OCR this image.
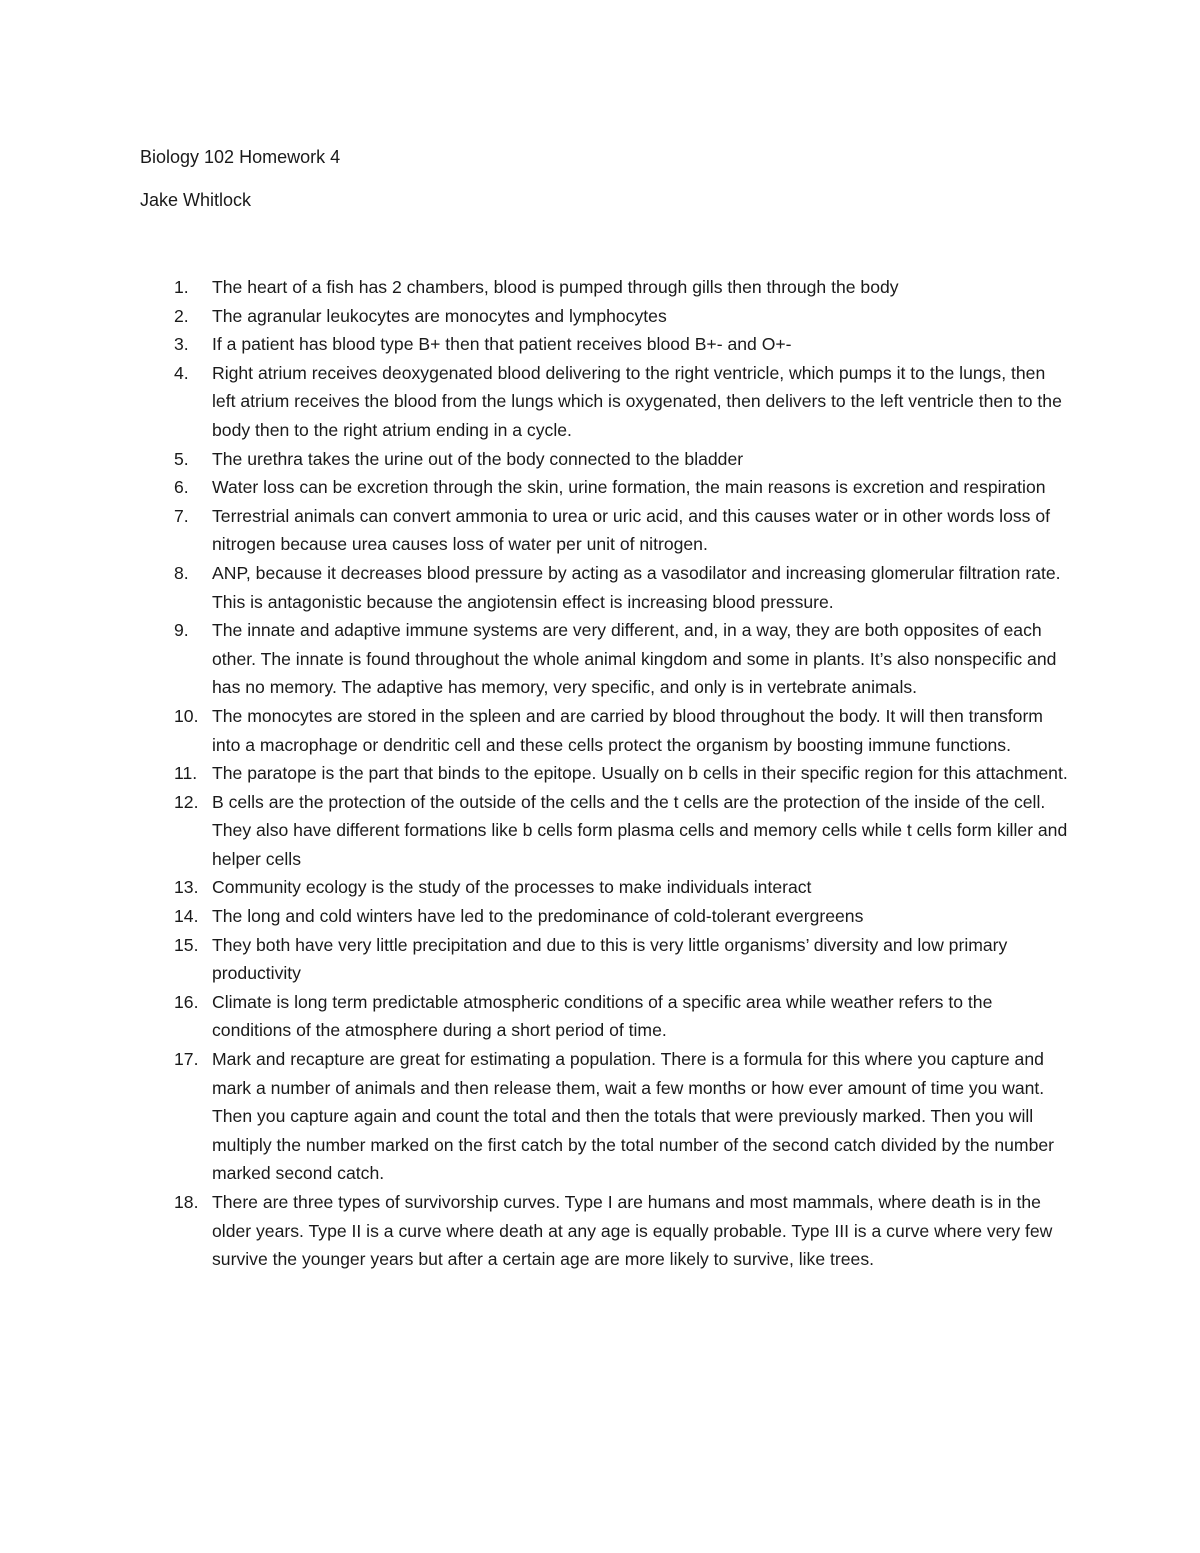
Biology 102 Homework 4

Jake Whitlock

1.	The heart of a fish has 2 chambers, blood is pumped through gills then through the body
2.	The agranular leukocytes are monocytes and lymphocytes
3.	If a patient has blood type B+ then that patient receives blood B+- and O+-
4.	Right atrium receives deoxygenated blood delivering to the right ventricle, which pumps it to the lungs, then left atrium receives the blood from the lungs which is oxygenated, then delivers to the left ventricle then to the body then to the right atrium ending in a cycle.
5.	The urethra takes the urine out of the body connected to the bladder
6.	Water loss can be excretion through the skin, urine formation, the main reasons is excretion and respiration
7.	Terrestrial animals can convert ammonia to urea or uric acid, and this causes water or in other words loss of nitrogen because urea causes loss of water per unit of nitrogen.
8.	ANP, because it decreases blood pressure by acting as a vasodilator and increasing glomerular filtration rate. This is antagonistic because the angiotensin effect is increasing blood pressure.
9.	The innate and adaptive immune systems are very different, and, in a way, they are both opposites of each other. The innate is found throughout the whole animal kingdom and some in plants. It’s also nonspecific and has no memory. The adaptive has memory, very specific, and only is in vertebrate animals.
10. The monocytes are stored in the spleen and are carried by blood throughout the body. It will then transform into a macrophage or dendritic cell and these cells protect the organism by boosting immune functions.
11. The paratope is the part that binds to the epitope. Usually on b cells in their specific region for this attachment.
12. B cells are the protection of the outside of the cells and the t cells are the protection of the inside of the cell. They also have different formations like b cells form plasma cells and memory cells while t cells form killer and helper cells
13. Community ecology is the study of the processes to make individuals interact
14. The long and cold winters have led to the predominance of cold-tolerant evergreens
15. They both have very little precipitation and due to this is very little organisms’ diversity and low primary productivity
16. Climate is long term predictable atmospheric conditions of a specific area while weather refers to the conditions of the atmosphere during a short period of time.
17. Mark and recapture are great for estimating a population. There is a formula for this where you capture and mark a number of animals and then release them, wait a few months or how ever amount of time you want. Then you capture again and count the total and then the totals that were previously marked. Then you will multiply the number marked on the first catch by the total number of the second catch divided by the number marked second catch.
18. There are three types of survivorship curves. Type I are humans and most mammals, where death is in the older years. Type II is a curve where death at any age is equally probable. Type III is a curve where very few survive the younger years but after a certain age are more likely to survive, like trees.
